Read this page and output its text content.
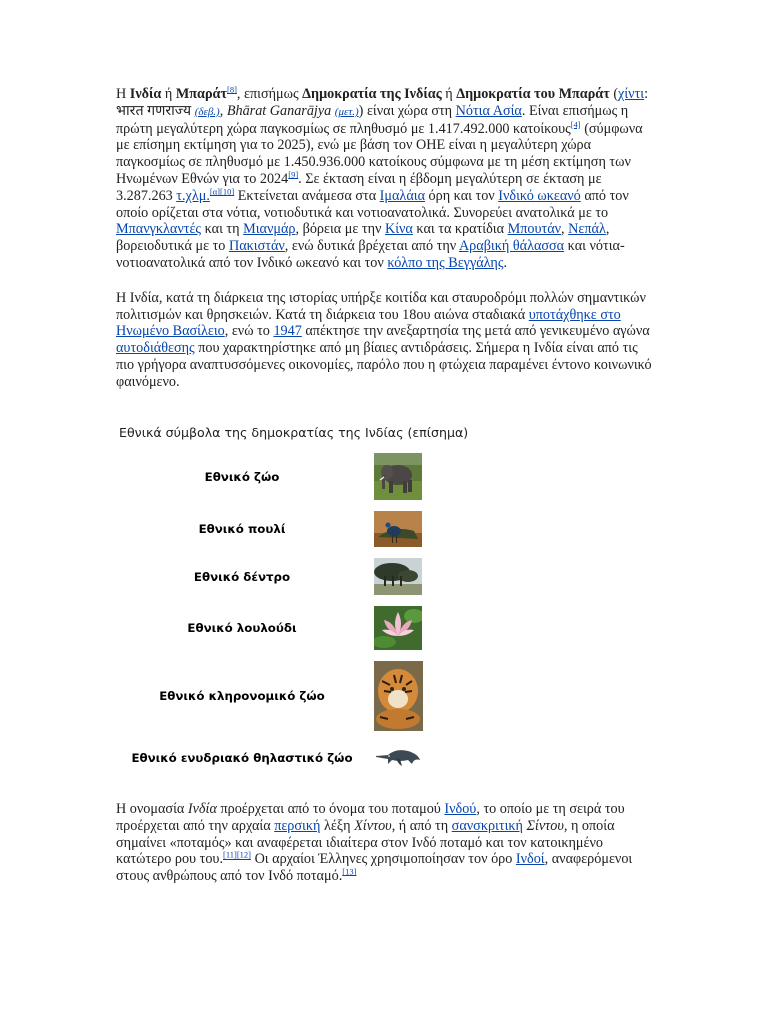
Η Ινδία ή Μπαράτ[8], επισήμως Δημοκρατία της Ινδίας ή Δημοκρατία του Μπαράτ (χίντι: भारत गणराज्य (δεβ.), Bhārat Ganarājya (μετ.)) είναι χώρα στη Νότια Ασία. Είναι επισήμως η πρώτη μεγαλύτερη χώρα παγκοσμίως σε πληθυσμό με 1.417.492.000 κατοίκους[4] (σύμφωνα με επίσημη εκτίμηση για το 2025), ενώ με βάση τον ΟΗΕ είναι η μεγαλύτερη χώρα παγκοσμίως σε πληθυσμό με 1.450.936.000 κατοίκους σύμφωνα με τη μέση εκτίμηση των Ηνωμένων Εθνών για το 2024[9]. Σε έκταση είναι η έβδομη μεγαλύτερη σε έκταση με 3.287.263 τ.χλμ.[α][10] Εκτείνεται ανάμεσα στα Ιμαλάια όρη και τον Ινδικό ωκεανό από τον οποίο ορίζεται στα νότια, νοτιοδυτικά και νοτιοανατολικά. Συνορεύει ανατολικά με το Μπανγκλαντές και τη Μιανμάρ, βόρεια με την Κίνα και τα κρατίδια Μπουτάν, Νεπάλ, βορειοδυτικά με το Πακιστάν, ενώ δυτικά βρέχεται από την Αραβική θάλασσα και νότια-νοτιοανατολικά από τον Ινδικό ωκεανό και τον κόλπο της Βεγγάλης.

Η Ινδία, κατά τη διάρκεια της ιστορίας υπήρξε κοιτίδα και σταυροδρόμι πολλών σημαντικών πολιτισμών και θρησκειών. Κατά τη διάρκεια του 18ου αιώνα σταδιακά υποτάχθηκε στο Ηνωμένο Βασίλειο, ενώ το 1947 απέκτησε την ανεξαρτησία της μετά από γενικευμένο αγώνα αυτοδιάθεσης που χαρακτηρίστηκε από μη βίαιες αντιδράσεις. Σήμερα η Ινδία είναι από τις πιο γρήγορα αναπτυσσόμενες οικονομίες, παρόλο που η φτώχεια παραμένει έντονο κοινωνικό φαινόμενο.

Εθνικά σύμβολα της δημοκρατίας της Ινδίας (επίσημα)
Εθνικό ζώο
Εθνικό πουλί
Εθνικό δέντρο
Εθνικό λουλούδι
Εθνικό κληρονομικό ζώο
Εθνικό ενυδριακό θηλαστικό ζώο

Η ονομασία Ινδία προέρχεται από το όνομα του ποταμού Ινδού, το οποίο με τη σειρά του προέρχεται από την αρχαία περσική λέξη Χίντου, ή από τη σανσκριτική Σίντου, η οποία σημαίνει «ποταμός» και αναφέρεται ιδιαίτερα στον Ινδό ποταμό και τον κατοικημένο κατώτερο ρου του.[11][12] Οι αρχαίοι Έλληνες χρησιμοποίησαν τον όρο Ινδοί, αναφερόμενοι στους ανθρώπους από τον Ινδό ποταμό.[13]
